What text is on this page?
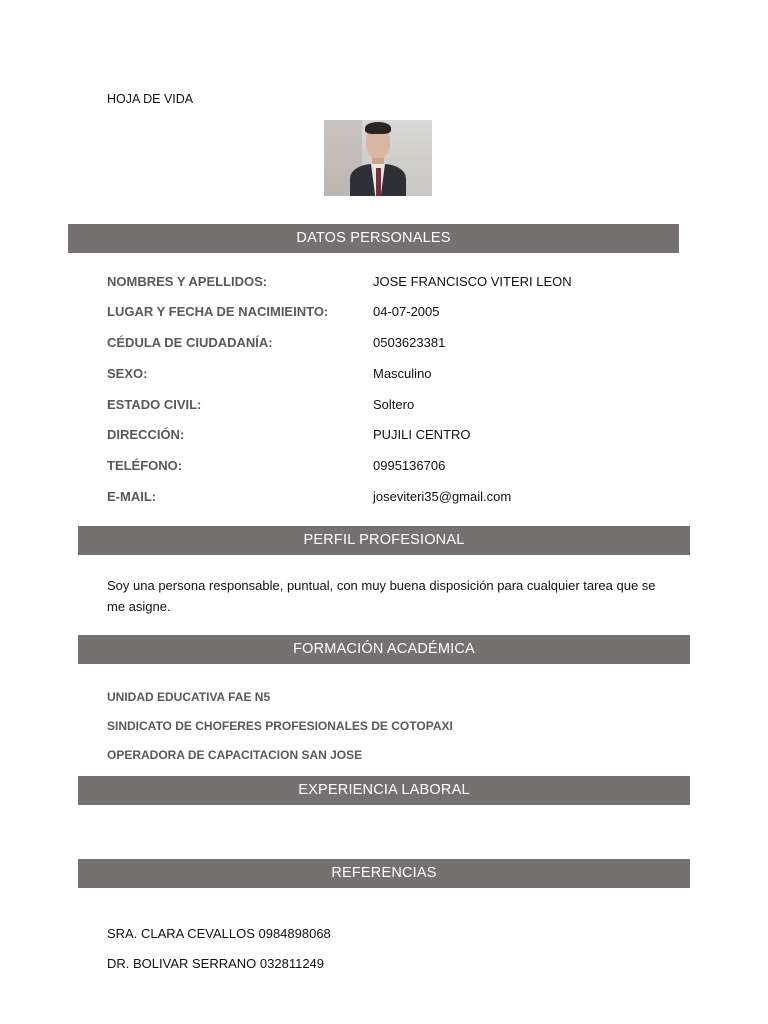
HOJA DE VIDA
DATOS PERSONALES
NOMBRES Y APELLIDOS:	JOSE FRANCISCO VITERI LEON
LUGAR Y FECHA DE NACIMIEINTO:	04-07-2005
CÉDULA DE CIUDADANÍA:	0503623381
SEXO:	Masculino
ESTADO CIVIL:	Soltero
DIRECCIÓN:	PUJILI CENTRO
TELÉFONO:	0995136706
E-MAIL:	joseviteri35@gmail.com
PERFIL PROFESIONAL
Soy una persona responsable, puntual, con muy buena disposición para cualquier tarea que se me asigne.
FORMACIÓN ACADÉMICA
UNIDAD EDUCATIVA FAE N5
SINDICATO DE CHOFERES PROFESIONALES DE COTOPAXI
OPERADORA DE CAPACITACION SAN JOSE
EXPERIENCIA LABORAL
REFERENCIAS
SRA. CLARA CEVALLOS 0984898068
DR. BOLIVAR SERRANO 032811249
